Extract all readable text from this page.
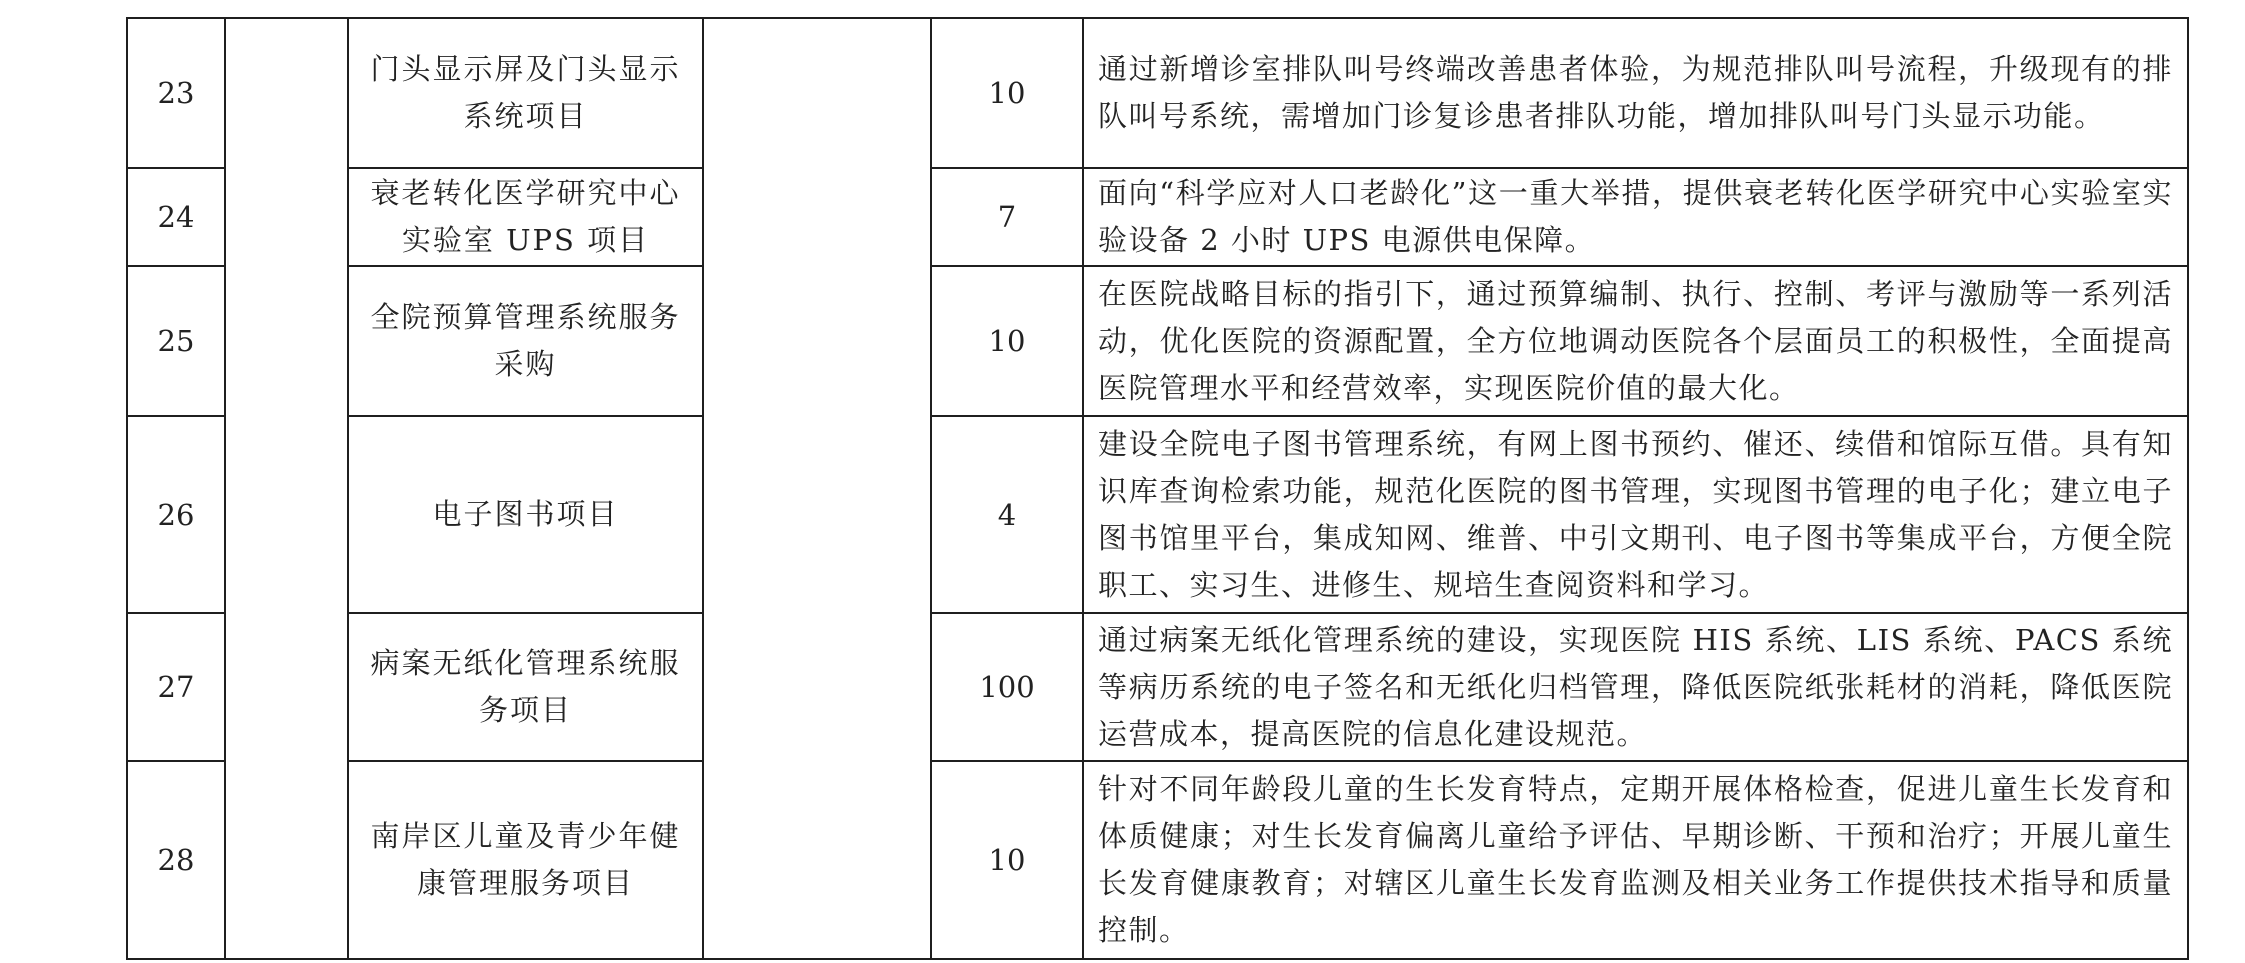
23		门头显示屏及门头显示系统项目		10	通过新增诊室排队叫号终端改善患者体验，为规范排队叫号流程，升级现有的排队叫号系统，需增加门诊复诊患者排队功能，增加排队叫号门头显示功能。
24		衰老转化医学研究中心实验室 UPS 项目		7	面向“科学应对人口老龄化”这一重大举措，提供衰老转化医学研究中心实验室实验设备 2 小时 UPS 电源供电保障。
25		全院预算管理系统服务采购		10	在医院战略目标的指引下，通过预算编制、执行、控制、考评与激励等一系列活动，优化医院的资源配置，全方位地调动医院各个层面员工的积极性，全面提高医院管理水平和经营效率，实现医院价值的最大化。
26		电子图书项目		4	建设全院电子图书管理系统，有网上图书预约、催还、续借和馆际互借。具有知识库查询检索功能，规范化医院的图书管理，实现图书管理的电子化；建立电子图书馆里平台，集成知网、维普、中引文期刊、电子图书等集成平台，方便全院职工、实习生、进修生、规培生查阅资料和学习。
27		病案无纸化管理系统服务项目		100	通过病案无纸化管理系统的建设，实现医院 HIS 系统、LIS 系统、PACS 系统等病历系统的电子签名和无纸化归档管理，降低医院纸张耗材的消耗，降低医院运营成本，提高医院的信息化建设规范。
28		南岸区儿童及青少年健康管理服务项目		10	针对不同年龄段儿童的生长发育特点，定期开展体格检查，促进儿童生长发育和体质健康；对生长发育偏离儿童给予评估、早期诊断、干预和治疗；开展儿童生长发育健康教育；对辖区儿童生长发育监测及相关业务工作提供技术指导和质量控制。
